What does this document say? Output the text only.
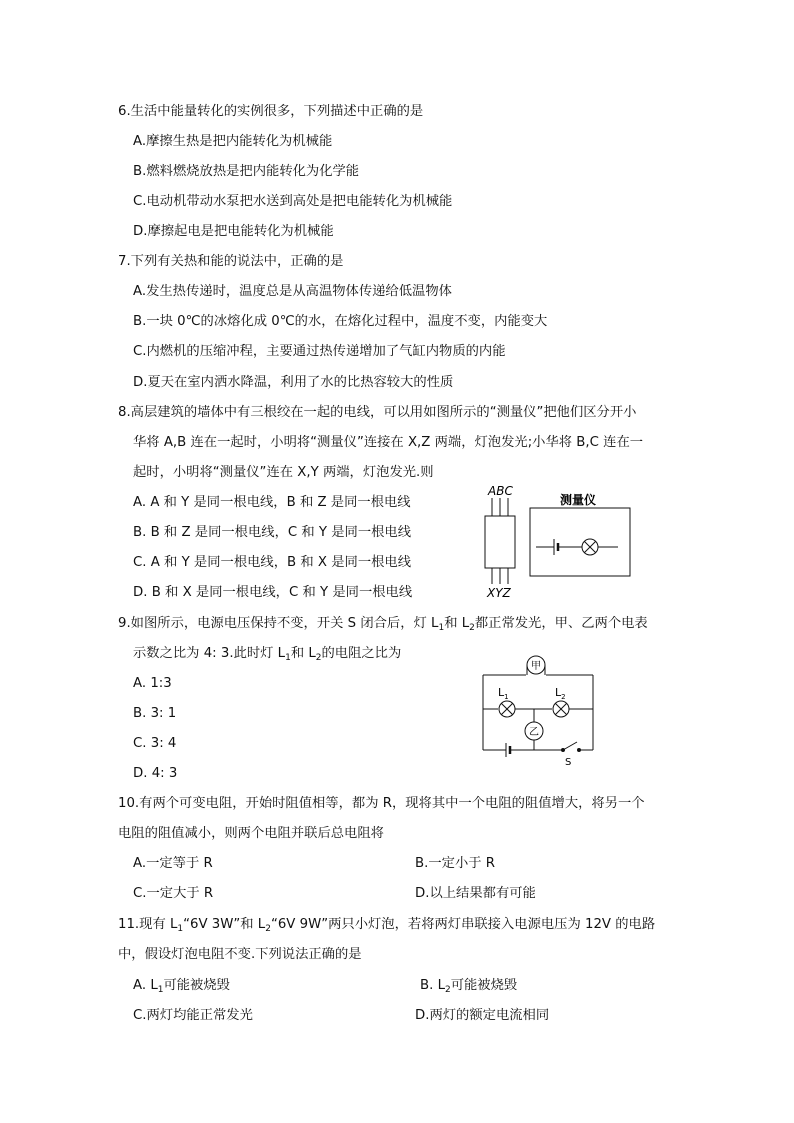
6.生活中能量转化的实例很多，下列描述中正确的是
A.摩擦生热是把内能转化为机械能
B.燃料燃烧放热是把内能转化为化学能
C.电动机带动水泵把水送到高处是把电能转化为机械能
D.摩擦起电是把电能转化为机械能
7.下列有关热和能的说法中，正确的是
A.发生热传递时，温度总是从高温物体传递给低温物体
B.一块 0℃的冰熔化成 0℃的水，在熔化过程中，温度不变，内能变大
C.内燃机的压缩冲程，主要通过热传递增加了气缸内物质的内能
D.夏天在室内洒水降温，利用了水的比热容较大的性质
8.高层建筑的墙体中有三根绞在一起的电线，可以用如图所示的“测量仪”把他们区分开小
华将 A,B 连在一起时，小明将“测量仪”连接在 X,Z 两端，灯泡发光;小华将 B,C 连在一
起时，小明将“测量仪”连在 X,Y 两端，灯泡发光.则
A. A 和 Y 是同一根电线，B 和 Z 是同一根电线
B. B 和 Z 是同一根电线，C 和 Y 是同一根电线
C. A 和 Y 是同一根电线，B 和 X 是同一根电线
D. B 和 X 是同一根电线，C 和 Y 是同一根电线
ABC
测量仪
XYZ
9.如图所示，电源电压保持不变，开关 S 闭合后，灯 $L_1$和 $L_2$都正常发光，甲、乙两个电表
示数之比为 4: 3.此时灯 $L_1$和 $L_2$的电阻之比为
A. 1:3
B. 3: 1
C. 3: 4
D. 4: 3
甲
乙
$L_1$	$L_2$
S
10.有两个可变电阻，开始时阻值相等，都为 R，现将其中一个电阻的阻值增大，将另一个
电阻的阻值减小，则两个电阻并联后总电阻将
A.一定等于 R	B.一定小于 R
C.一定大于 R	D.以上结果都有可能
11.现有 $L_1“6V$ 3W”和 $L_2“6V$ 9W”两只小灯泡，若将两灯串联接入电源电压为 12V 的电路
中，假设灯泡电阻不变.下列说法正确的是
A. $L_1$可能被烧毁	B. $L_2$可能被烧毁
C.两灯均能正常发光	D.两灯的额定电流相同
